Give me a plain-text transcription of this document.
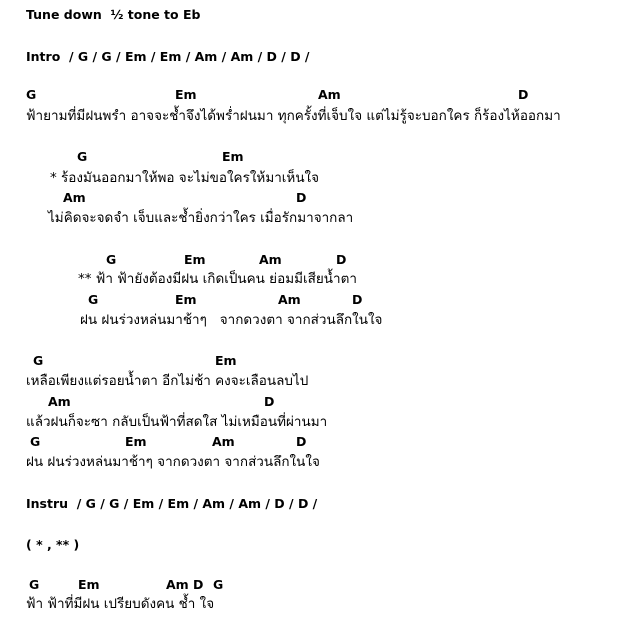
Tune down  ½ tone to Eb
Intro  / G / G / Em / Em / Am / Am / D / D /
G	Em	Am	D
ฟ้ายามที่มีฝนพรำ อาจจะช้ำจึงได้พร่ำฝนมา ทุกครั้งที่เจ็บใจ แต่ไม่รู้จะบอกใคร ก็ร้องไห้ออกมา
G	Em
* ร้องมันออกมาให้พอ จะไม่ขอใครให้มาเห็นใจ
Am	D
ไม่คิดจะจดจำ เจ็บและช้ำยิ่งกว่าใคร เมื่อรักมาจากลา
G	Em	Am	D
** ฟ้า ฟ้ายังต้องมีฝน เกิดเป็นคน ย่อมมีเสียน้ำตา
G	Em	Am	D
ฝน ฝนร่วงหล่นมาช้าๆ   จากดวงตา จากส่วนลึกในใจ
G	Em
เหลือเพียงแต่รอยน้ำตา อีกไม่ช้า คงจะเลือนลบไป
Am	D
แล้วฝนก็จะซา กลับเป็นฟ้าที่สดใส ไม่เหมือนที่ผ่านมา
G	Em	Am	D
ฝน ฝนร่วงหล่นมาช้าๆ จากดวงตา จากส่วนลึกในใจ
Instru  / G / G / Em / Em / Am / Am / D / D /
( * , ** )
G	Em	Am D G
ฟ้า ฟ้าที่มีฝน เปรียบดังคน ช้ำ ใจ
